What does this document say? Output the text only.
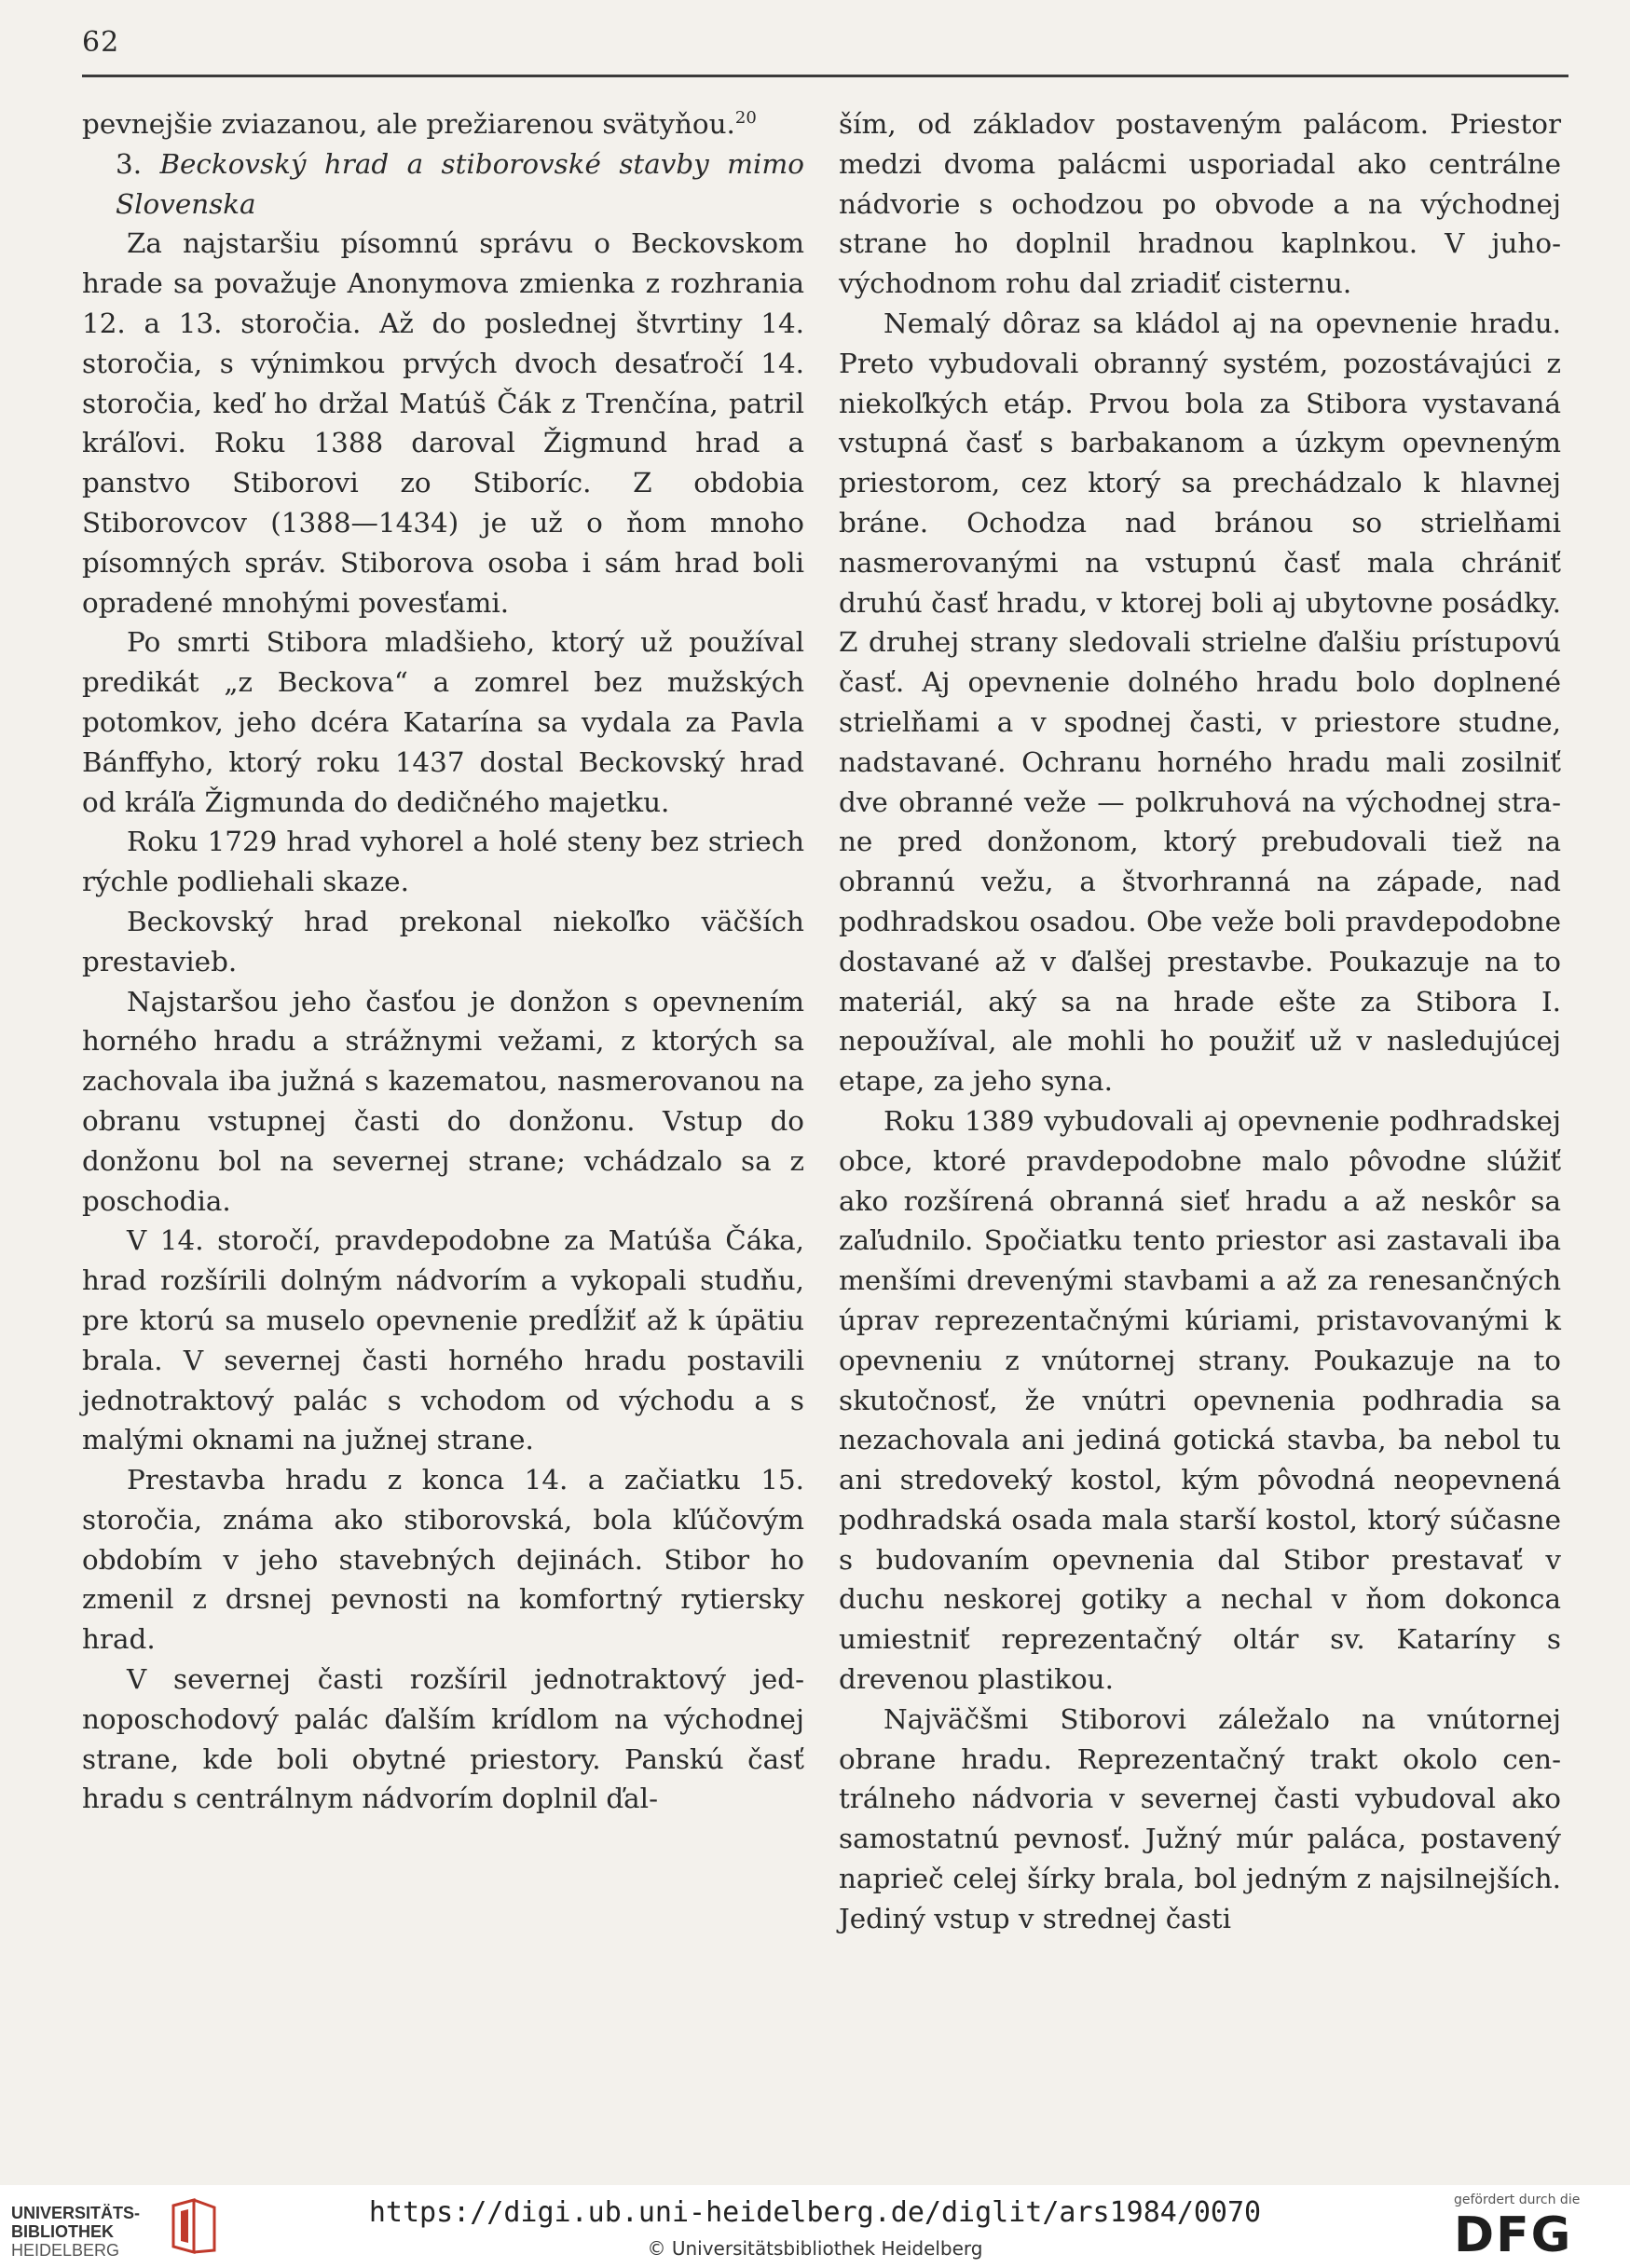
62

pevnejšie zviazanou, ale prežiarenou svätyňou.$^{20}$

3. Beckovský hrad a stiborovské stavby mimo Slovenska

Za najstaršiu písomnú správu o Beckovskom hrade sa považuje Anonymova zmienka z rozhrania 12. a 13. storočia. Až do poslednej štvrtiny 14. storočia, s výnimkou prvých dvoch desaťročí 14. storočia, keď ho držal Matúš Čák z Trenčína, patril kráľovi. Roku 1388 daroval Žigmund hrad a panstvo Stiborovi zo Stiboríc. Z obdobia Stiborovcov (1388—1434) je už o ňom mnoho písomných správ. Stiborova osoba i sám hrad boli opradené mnohými povesťami.

Po smrti Stibora mladšieho, ktorý už používal predikát „z Beckova“ a zomrel bez mužských potomkov, jeho dcéra Katarína sa vydala za Pavla Bánffyho, ktorý roku 1437 dostal Beckovský hrad od kráľa Žigmunda do dedičného majetku.

Roku 1729 hrad vyhorel a holé steny bez striech rýchle podliehali skaze.

Beckovský hrad prekonal niekoľko väčších prestavieb.

Najstaršou jeho časťou je donžon s opevnením horného hradu a strážnymi vežami, z ktorých sa zachovala iba južná s kazematou, nasmerovanou na obranu vstupnej časti do donžonu. Vstup do donžonu bol na severnej strane; vchádzalo sa z poschodia.

V 14. storočí, pravdepodobne za Matúša Čáka, hrad rozšírili dolným nádvorím a vykopali studňu, pre ktorú sa muselo opevnenie predĺžiť až k úpätiu brala. V severnej časti horného hradu postavili jednotraktový palác s vchodom od východu a s malými oknami na južnej strane.

Prestavba hradu z konca 14. a začiatku 15. storočia, známa ako stiborovská, bola kľúčovým obdobím v jeho stavebných dejinách. Stibor ho zmenil z drsnej pevnosti na komfortný rytiersky hrad.

V severnej časti rozšíril jednotraktový jednoposchodový palác ďalším krídlom na východnej strane, kde boli obytné priestory. Panskú časť hradu s centrálnym nádvorím doplnil ďal-

ším, od základov postaveným palácom. Priestor medzi dvoma palácmi usporiadal ako centrálne nádvorie s ochodzou po obvode a na východnej strane ho doplnil hradnou kaplnkou. V juhovýchodnom rohu dal zriadiť cisternu.

Nemalý dôraz sa kládol aj na opevnenie hradu. Preto vybudovali obranný systém, pozostávajúci z niekoľkých etáp. Prvou bola za Stibora vystavaná vstupná časť s barbakanom a úzkym opevneným priestorom, cez ktorý sa prechádzalo k hlavnej bráne. Ochodza nad bránou so strielňami nasmerovanými na vstupnú časť mala chrániť druhú časť hradu, v ktorej boli aj ubytovne posádky. Z druhej strany sledovali strielne ďalšiu prístupovú časť. Aj opevnenie dolného hradu bolo doplnené strielňami a v spodnej časti, v priestore studne, nadstavané. Ochranu horného hradu mali zosilniť dve obranné veže — polkruhová na východnej strane pred donžonom, ktorý prebudovali tiež na obrannú vežu, a štvorhranná na západe, nad podhradskou osadou. Obe veže boli pravdepodobne dostavané až v ďalšej prestavbe. Poukazuje na to materiál, aký sa na hrade ešte za Stibora I. nepoužíval, ale mohli ho použiť už v nasledujúcej etape, za jeho syna.

Roku 1389 vybudovali aj opevnenie podhradskej obce, ktoré pravdepodobne malo pôvodne slúžiť ako rozšírená obranná sieť hradu a až neskôr sa zaľudnilo. Spočiatku tento priestor asi zastavali iba menšími drevenými stavbami a až za renesančných úprav reprezentačnými kúriami, pristavovanými k opevneniu z vnútornej strany. Poukazuje na to skutočnosť, že vnútri opevnenia podhradia sa nezachovala ani jediná gotická stavba, ba nebol tu ani stredoveký kostol, kým pôvodná neopevnená podhradská osada mala starší kostol, ktorý súčasne s budovaním opevnenia dal Stibor prestavať v duchu neskorej gotiky a nechal v ňom dokonca umiestniť reprezentačný oltár sv. Kataríny s drevenou plastikou.

Najväčšmi Stiborovi záležalo na vnútornej obrane hradu. Reprezentačný trakt okolo centrálneho nádvoria v severnej časti vybudoval ako samostatnú pevnosť. Južný múr paláca, postavený naprieč celej šírky brala, bol jedným z najsilnejších. Jediný vstup v strednej časti

UNIVERSITÄTS-
BIBLIOTHEK
HEIDELBERG
https://digi.ub.uni-heidelberg.de/diglit/ars1984/0070
© Universitätsbibliothek Heidelberg
gefördert durch die
DFG
